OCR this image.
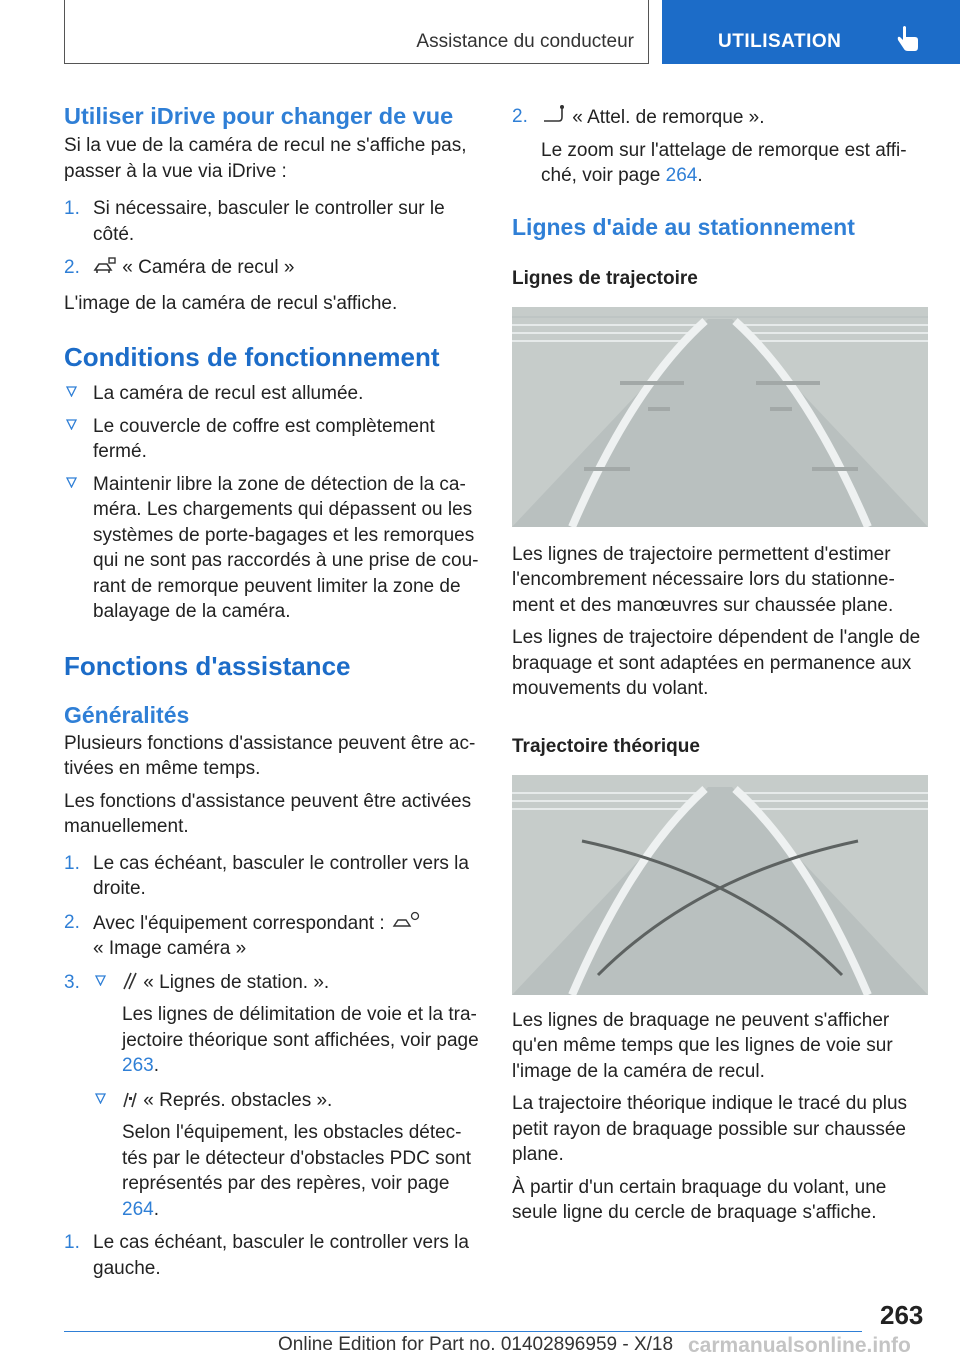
Assistance du conducteur	UTILISATION
Utiliser iDrive pour changer de vue

Si la vue de la caméra de recul ne s'affiche pas, passer à la vue via iDrive :

1. Si nécessaire, basculer le controller sur le côté.
2. « Caméra de recul »

L'image de la caméra de recul s'affiche.

Conditions de fonctionnement
La caméra de recul est allumée.
Le couvercle de coffre est complètement fermé.
Maintenir libre la zone de détection de la ca-méra. Les chargements qui dépassent ou les systèmes de porte-bagages et les remorques qui ne sont pas raccordés à une prise de cou-rant de remorque peuvent limiter la zone de balayage de la caméra.
Fonctions d'assistance
Généralités

Plusieurs fonctions d'assistance peuvent être ac-tivées en même temps.

Les fonctions d'assistance peuvent être activées manuellement.

1. Le cas échéant, basculer le controller vers la droite.
2. Avec l'équipement correspondant :
« Image caméra »
3.	« Lignes de station. ».

Les lignes de délimitation de voie et la tra-jectoire théorique sont affichées, voir page 263.
« Représ. obstacles ».

Selon l'équipement, les obstacles détec-tés par le détecteur d'obstacles PDC sont représentés par des repères, voir page 264.
1. Le cas échéant, basculer le controller vers la gauche.
2. « Attel. de remorque ».

Le zoom sur l'attelage de remorque est affi-ché, voir page 264.
Lignes d'aide au stationnement
Lignes de trajectoire

Les lignes de trajectoire permettent d'estimer l'encombrement nécessaire lors du stationne-ment et des manœuvres sur chaussée plane.

Les lignes de trajectoire dépendent de l'angle de braquage et sont adaptées en permanence aux mouvements du volant.

Trajectoire théorique

Les lignes de braquage ne peuvent s'afficher qu'en même temps que les lignes de voie sur l'image de la caméra de recul.

La trajectoire théorique indique le tracé du plus petit rayon de braquage possible sur chaussée plane.

À partir d'un certain braquage du volant, une seule ligne du cercle de braquage s'affiche.

263
Online Edition for Part no. 01402896959 - X/18 carmanualsonline.info
